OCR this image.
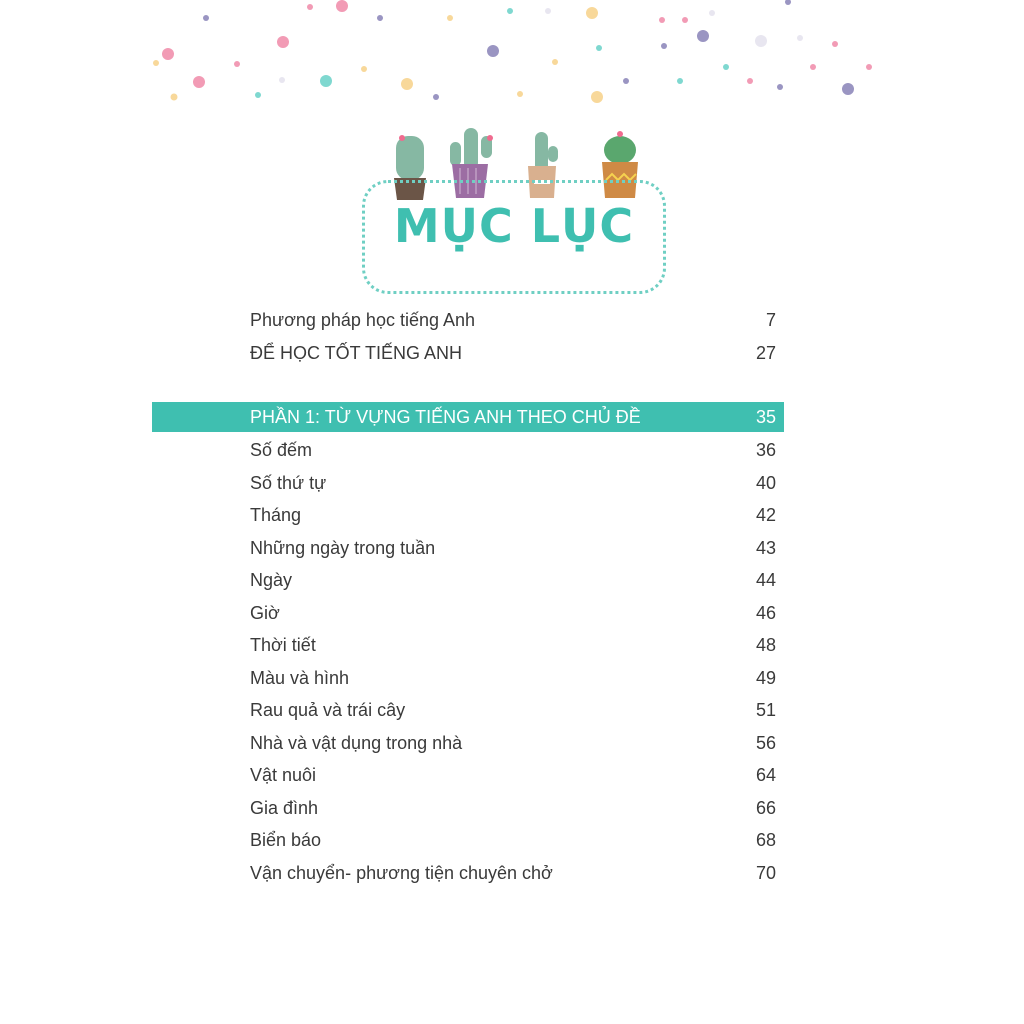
MỤC LỤC
Phương pháp học tiếng Anh	7
ĐỂ HỌC TỐT TIẾNG ANH	27
PHẦN 1: TỪ VỰNG TIẾNG ANH THEO CHỦ ĐỀ	35
Số đếm	36
Số thứ tự	40
Tháng	42
Những ngày trong tuần	43
Ngày	44
Giờ	46
Thời tiết	48
Màu và hình	49
Rau quả và trái cây	51
Nhà và vật dụng trong nhà	56
Vật nuôi	64
Gia đình	66
Biển báo	68
Vận chuyển- phương tiện chuyên chở	70
